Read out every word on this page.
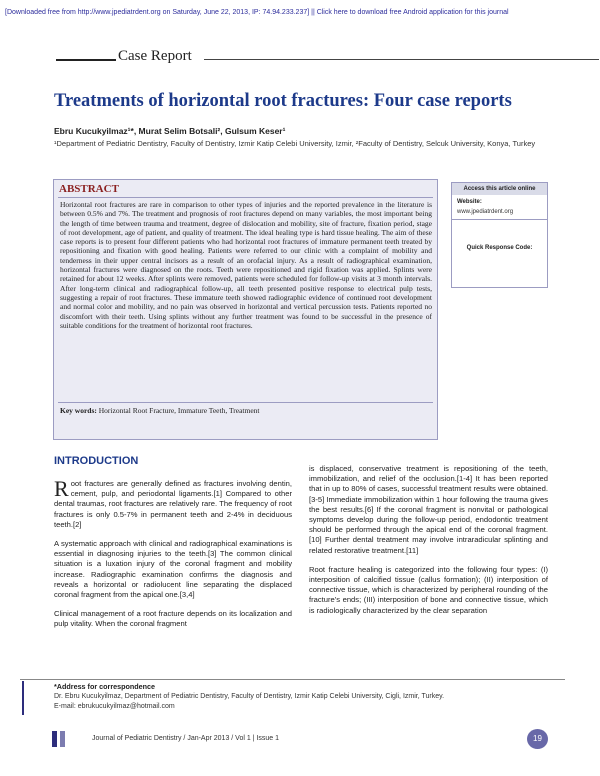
[Downloaded free from http://www.jpediatrdent.org on Saturday, June 22, 2013, IP: 74.94.233.237] || Click here to download free Android application for this journal
Case Report
Treatments of horizontal root fractures: Four case reports
Ebru Kucukyilmaz¹*, Murat Selim Botsali², Gulsum Keser¹
¹Department of Pediatric Dentistry, Faculty of Dentistry, Izmir Katip Celebi University, Izmir, ²Faculty of Dentistry, Selcuk University, Konya, Turkey
ABSTRACT
Horizontal root fractures are rare in comparison to other types of injuries and the reported prevalence in the literature is between 0.5% and 7%. The treatment and prognosis of root fractures depend on many variables, the most important being the length of time between trauma and treatment, degree of dislocation and mobility, site of fracture, fixation period, stage of root development, age of patient, and quality of treatment. The ideal healing type is hard tissue healing. The aim of these case reports is to present four different patients who had horizontal root fractures of immature permanent teeth treated by repositioning and fixation with good healing. Patients were referred to our clinic with a complaint of mobility and tenderness in their upper central incisors as a result of an orofacial injury. As a result of radiographical examination, horizontal fractures were diagnosed on the roots. Teeth were repositioned and rigid fixation was applied. Splints were retained for about 12 weeks. After splints were removed, patients were scheduled for follow-up visits at 3 month intervals. After long-term clinical and radiographical follow-up, all teeth presented positive response to electrical pulp tests, suggesting a repair of root fractures. These immature teeth showed radiographic evidence of continued root development and normal color and mobility, and no pain was observed in horizontal and vertical percussion tests. Patients reported no discomfort with their teeth. Using splints without any further treatment was found to be successful in the presence of suitable conditions for the treatment of horizontal root fractures.
Key words: Horizontal Root Fracture, Immature Teeth, Treatment
Access this article online
Website:
www.jpediatrdent.org
Quick Response Code:
INTRODUCTION

Root fractures are generally defined as fractures involving dentin, cement, pulp, and periodontal ligaments.[1] Compared to other dental traumas, root fractures are relatively rare. The frequency of root fractures is only 0.5-7% in permanent teeth and 2-4% in deciduous teeth.[2]

A systematic approach with clinical and radiographical examinations is essential in diagnosing injuries to the teeth.[3] The common clinical situation is a luxation injury of the coronal fragment and mobility increase. Radiographic examination confirms the diagnosis and reveals a horizontal or radiolucent line separating the displaced coronal fragment from the apical one.[3,4]

Clinical management of a root fracture depends on its localization and pulp vitality. When the coronal fragment

is displaced, conservative treatment is repositioning of the teeth, immobilization, and relief of the occlusion.[1-4] It has been reported that in up to 80% of cases, successful treatment results were obtained.[3-5] Immediate immobilization within 1 hour following the trauma gives the best results.[6] If the coronal fragment is nonvital or pathological symptoms develop during the follow-up period, endodontic treatment should be performed through the apical end of the coronal fragment.[10] Further dental treatment may involve intraradicular splinting and related restorative treatment.[11]

Root fracture healing is categorized into the following four types: (I) interposition of calcified tissue (callus formation); (II) interposition of connective tissue, which is characterized by peripheral rounding of the fracture's ends; (III) interposition of bone and connective tissue, which is radiologically characterized by the clear separation

*Address for correspondence
Dr. Ebru Kucukyilmaz, Department of Pediatric Dentistry, Faculty of Dentistry, Izmir Katip Celebi University, Cigli, Izmir, Turkey.
E-mail: ebrukucukyilmaz@hotmail.com
Journal of Pediatric Dentistry / Jan-Apr 2013 / Vol 1 | Issue 1	19
